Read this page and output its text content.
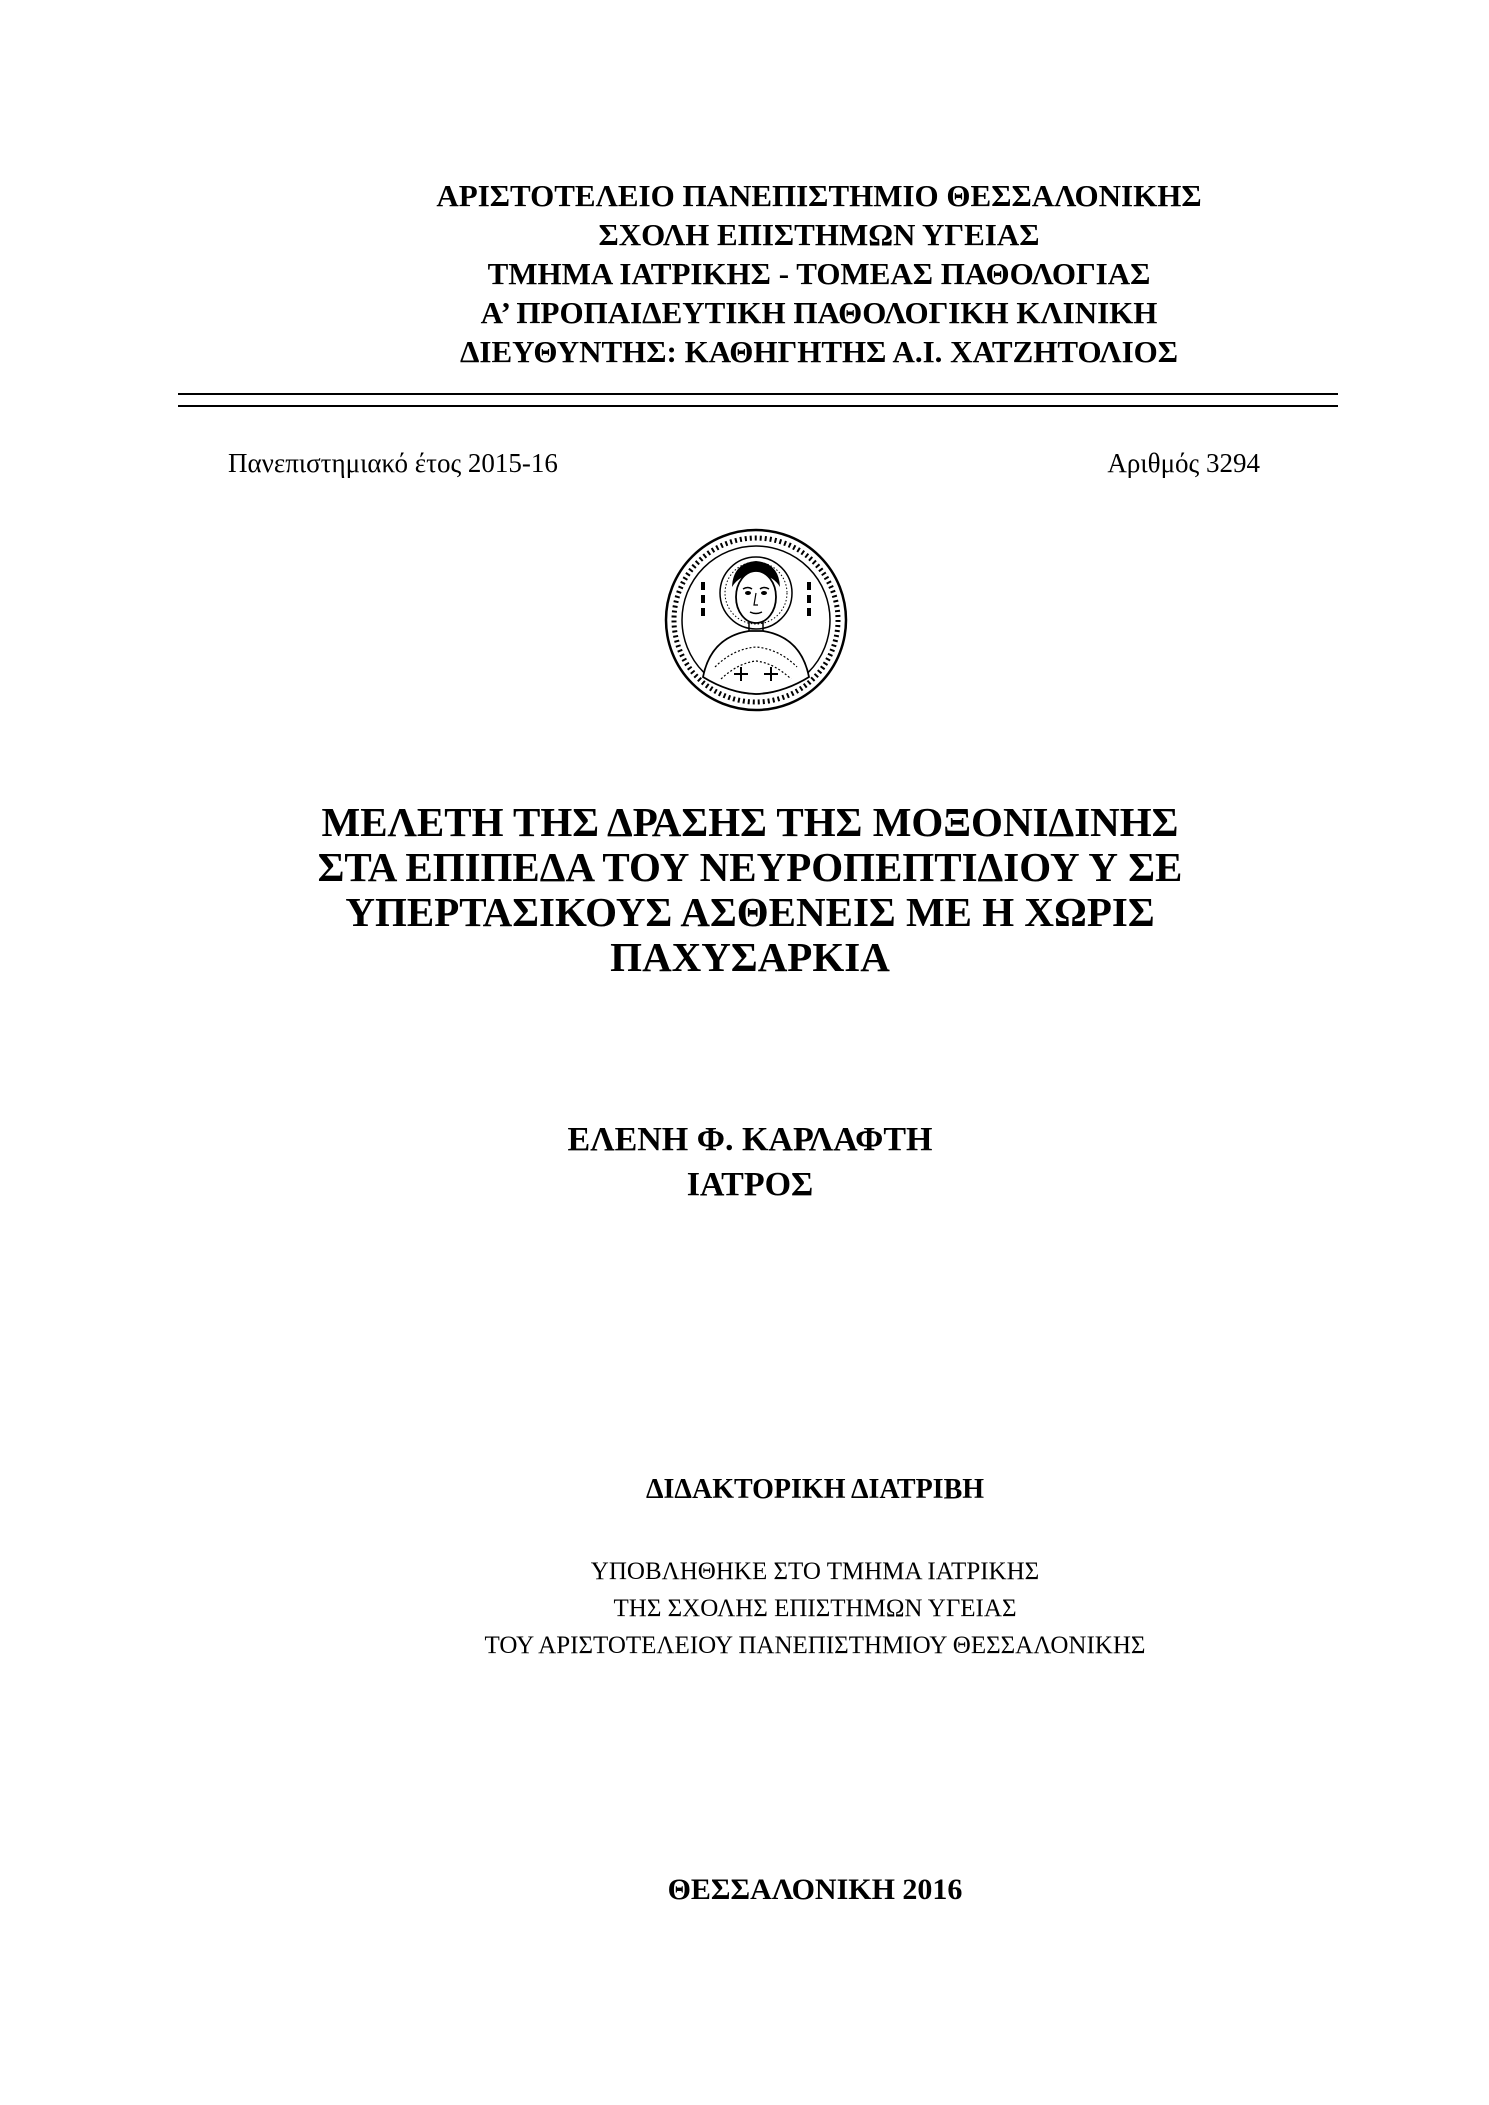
ΑΡΙΣΤΟΤΕΛΕΙΟ ΠΑΝΕΠΙΣΤΗΜΙΟ ΘΕΣΣΑΛΟΝΙΚΗΣ
ΣΧΟΛΗ ΕΠΙΣΤΗΜΩΝ ΥΓΕΙΑΣ
ΤΜΗΜΑ ΙΑΤΡΙΚΗΣ - ΤΟΜΕΑΣ ΠΑΘΟΛΟΓΙΑΣ
Α’ ΠΡΟΠΑΙΔΕΥΤΙΚΗ ΠΑΘΟΛΟΓΙΚΗ ΚΛΙΝΙΚΗ
ΔΙΕΥΘΥΝΤΗΣ: ΚΑΘΗΓΗΤΗΣ Α.Ι. ΧΑΤΖΗΤΟΛΙΟΣ
Πανεπιστημιακό έτος 2015-16	Αριθμός 3294
ΜΕΛΕΤΗ ΤΗΣ ΔΡΑΣΗΣ ΤΗΣ ΜΟΞΟΝΙΔΙΝΗΣ
ΣΤΑ ΕΠΙΠΕΔΑ ΤΟΥ ΝΕΥΡΟΠΕΠΤΙΔΙΟΥ Υ ΣΕ
ΥΠΕΡΤΑΣΙΚΟΥΣ ΑΣΘΕΝΕΙΣ ΜΕ Η ΧΩΡΙΣ
ΠΑΧΥΣΑΡΚΙΑ
ΕΛΕΝΗ Φ. ΚΑΡΛΑΦΤΗ
ΙΑΤΡΟΣ
ΔΙΔΑΚΤΟΡΙΚΗ ΔΙΑΤΡΙΒΗ
ΥΠΟΒΛΗΘΗΚΕ ΣΤΟ ΤΜΗΜΑ ΙΑΤΡΙΚΗΣ
ΤΗΣ ΣΧΟΛΗΣ ΕΠΙΣΤΗΜΩΝ ΥΓΕΙΑΣ
ΤΟΥ ΑΡΙΣΤΟΤΕΛΕΙΟΥ ΠΑΝΕΠΙΣΤΗΜΙΟΥ ΘΕΣΣΑΛΟΝΙΚΗΣ
ΘΕΣΣΑΛΟΝΙΚΗ 2016
